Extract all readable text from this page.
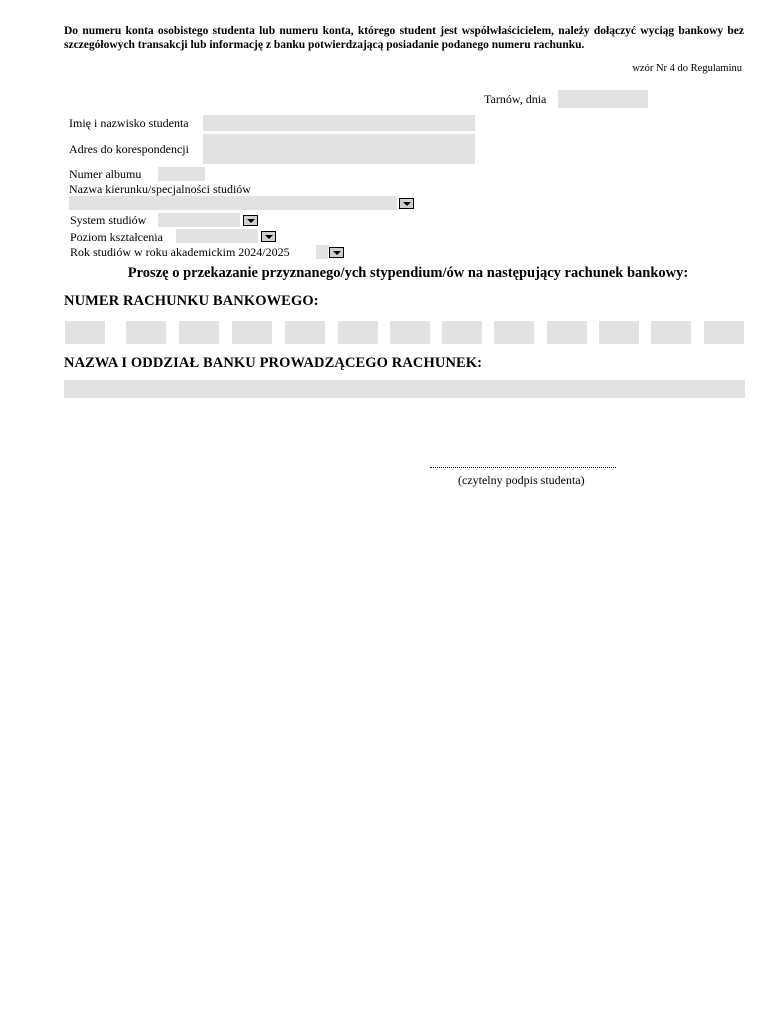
Do numeru konta osobistego studenta lub numeru konta, którego student jest współwłaścicielem, należy dołączyć wyciąg bankowy bez szczegółowych transakcji lub informację z banku potwierdzającą posiadanie podanego numeru rachunku.
wzór Nr 4 do Regulaminu
Tarnów, dnia
Imię i nazwisko studenta
Adres do korespondencji
Numer albumu
Nazwa kierunku/specjalności studiów
System studiów
Poziom kształcenia
Rok studiów w roku akademickim 2024/2025
Proszę o przekazanie przyznanego/ych stypendium/ów na następujący rachunek bankowy:
NUMER RACHUNKU BANKOWEGO:
NAZWA I ODDZIAŁ BANKU PROWADZĄCEGO RACHUNEK:
(czytelny podpis studenta)
